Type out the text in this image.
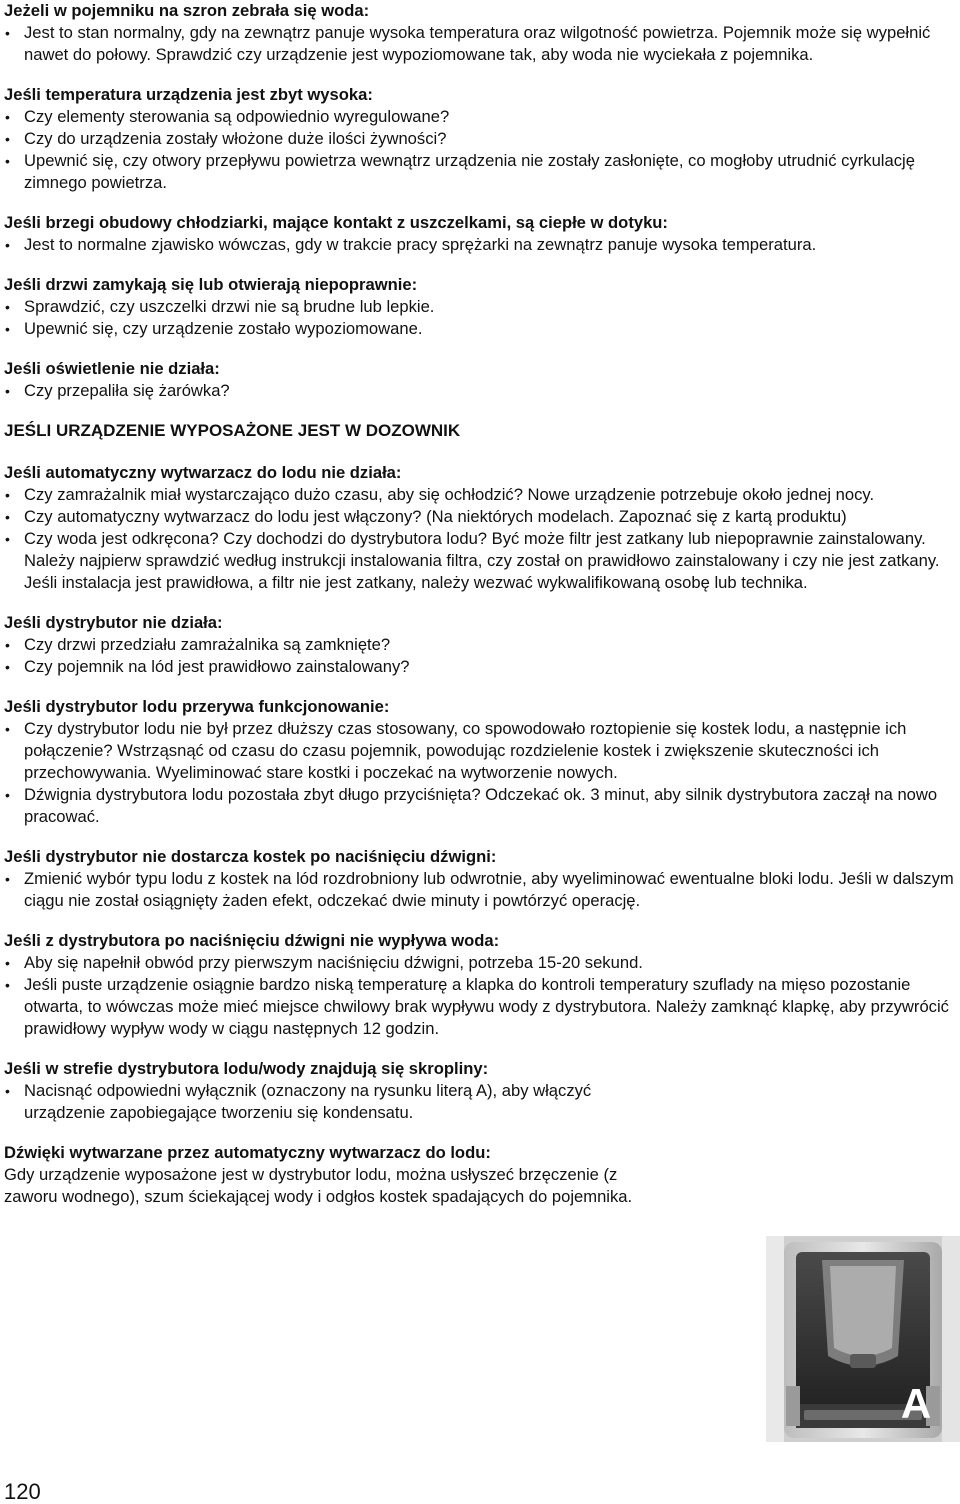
Jeżeli w pojemniku na szron zebrała się woda:
• Jest to stan normalny, gdy na zewnątrz panuje wysoka temperatura oraz wilgotność powietrza. Pojemnik może się wypełnić nawet do połowy. Sprawdzić czy urządzenie jest wypoziomowane tak, aby woda nie wyciekała z pojemnika.
Jeśli temperatura urządzenia jest zbyt wysoka:
• Czy elementy sterowania są odpowiednio wyregulowane?
• Czy do urządzenia zostały włożone duże ilości żywności?
• Upewnić się, czy otwory przepływu powietrza wewnątrz urządzenia nie zostały zasłonięte, co mogłoby utrudnić cyrkulację zimnego powietrza.
Jeśli brzegi obudowy chłodziarki, mające kontakt z uszczelkami, są ciepłe w dotyku:
• Jest to normalne zjawisko wówczas, gdy w trakcie pracy sprężarki na zewnątrz panuje wysoka temperatura.
Jeśli drzwi zamykają się lub otwierają niepoprawnie:
• Sprawdzić, czy uszczelki drzwi nie są brudne lub lepkie.
• Upewnić się, czy urządzenie zostało wypoziomowane.
Jeśli oświetlenie nie działa:
• Czy przepaliła się żarówka?
JEŚLI URZĄDZENIE WYPOSAŻONE JEST W DOZOWNIK
Jeśli automatyczny wytwarzacz do lodu nie działa:
• Czy zamrażalnik miał wystarczająco dużo czasu, aby się ochłodzić? Nowe urządzenie potrzebuje około jednej nocy.
• Czy automatyczny wytwarzacz do lodu jest włączony? (Na niektórych modelach. Zapoznać się z kartą produktu)
• Czy woda jest odkręcona? Czy dochodzi do dystrybutora lodu? Być może filtr jest zatkany lub niepoprawnie zainstalowany. Należy najpierw sprawdzić według instrukcji instalowania filtra, czy został on prawidłowo zainstalowany i czy nie jest zatkany. Jeśli instalacja jest prawidłowa, a filtr nie jest zatkany, należy wezwać wykwalifikowaną osobę lub technika.
Jeśli dystrybutor nie działa:
• Czy drzwi przedziału zamrażalnika są zamknięte?
• Czy pojemnik na lód jest prawidłowo zainstalowany?
Jeśli dystrybutor lodu przerywa funkcjonowanie:
• Czy dystrybutor lodu nie był przez dłuższy czas stosowany, co spowodowało roztopienie się kostek lodu, a następnie ich połączenie? Wstrząsnąć od czasu do czasu pojemnik, powodując rozdzielenie kostek i zwiększenie skuteczności ich przechowywania. Wyeliminować stare kostki i poczekać na wytworzenie nowych.
• Dźwignia dystrybutora lodu pozostała zbyt długo przyciśnięta? Odczekać ok. 3 minut, aby silnik dystrybutora zaczął na nowo pracować.
Jeśli dystrybutor nie dostarcza kostek po naciśnięciu dźwigni:
• Zmienić wybór typu lodu z kostek na lód rozdrobniony lub odwrotnie, aby wyeliminować ewentualne bloki lodu. Jeśli w dalszym ciągu nie został osiągnięty żaden efekt, odczekać dwie minuty i powtórzyć operację.
Jeśli z dystrybutora po naciśnięciu dźwigni nie wypływa woda:
• Aby się napełnił obwód przy pierwszym naciśnięciu dźwigni, potrzeba 15-20 sekund.
• Jeśli puste urządzenie osiągnie bardzo niską temperaturę a klapka do kontroli temperatury szuflady na mięso pozostanie otwarta, to wówczas może mieć miejsce chwilowy brak wypływu wody z dystrybutora. Należy zamknąć klapkę, aby przywrócić prawidłowy wypływ wody w ciągu następnych 12 godzin.
Jeśli w strefie dystrybutora lodu/wody znajdują się skropliny:
• Nacisnąć odpowiedni wyłącznik (oznaczony na rysunku literą A), aby włączyć urządzenie zapobiegające tworzeniu się kondensatu.
Dźwięki wytwarzane przez automatyczny wytwarzacz do lodu:
Gdy urządzenie wyposażone jest w dystrybutor lodu, można usłyszeć brzęczenie (z zaworu wodnego), szum ściekającej wody i odgłos kostek spadających do pojemnika.
A
120
